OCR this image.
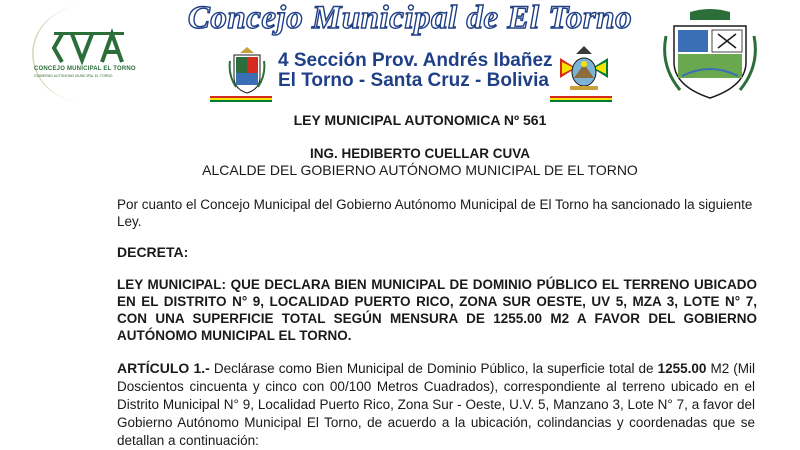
CONCEJO MUNICIPAL EL TORNO
GOBIERNO AUTÓNOMO MUNICIPAL EL TORNO
Concejo Municipal de El Torno
4 Sección Prov. Andrés Ibañez
El Torno - Santa Cruz - Bolivia
LEY MUNICIPAL AUTONOMICA Nº 561
ING. HEDIBERTO CUELLAR CUVA
ALCALDE DEL GOBIERNO AUTÓNOMO MUNICIPAL DE EL TORNO
Por cuanto el Concejo Municipal del Gobierno Autónomo Municipal de El Torno ha sancionado la siguiente Ley.
DECRETA:
LEY MUNICIPAL: QUE DECLARA BIEN MUNICIPAL DE DOMINIO PÚBLICO EL TERRENO UBICADO EN EL DISTRITO N° 9, LOCALIDAD PUERTO RICO, ZONA SUR OESTE, UV 5, MZA 3, LOTE N° 7, CON UNA SUPERFICIE TOTAL SEGÚN MENSURA DE 1255.00 M2 A FAVOR DEL GOBIERNO AUTÓNOMO MUNICIPAL EL TORNO.
ARTÍCULO 1.- Declárase como Bien Municipal de Dominio Público, la superficie total de 1255.00 M2 (Mil Doscientos cincuenta y cinco con 00/100 Metros Cuadrados), correspondiente al terreno ubicado en el Distrito Municipal N° 9, Localidad Puerto Rico, Zona Sur - Oeste, U.V. 5, Manzano 3, Lote N° 7, a favor del Gobierno Autónomo Municipal El Torno, de acuerdo a la ubicación, colindancias y coordenadas que se detallan a continuación:
